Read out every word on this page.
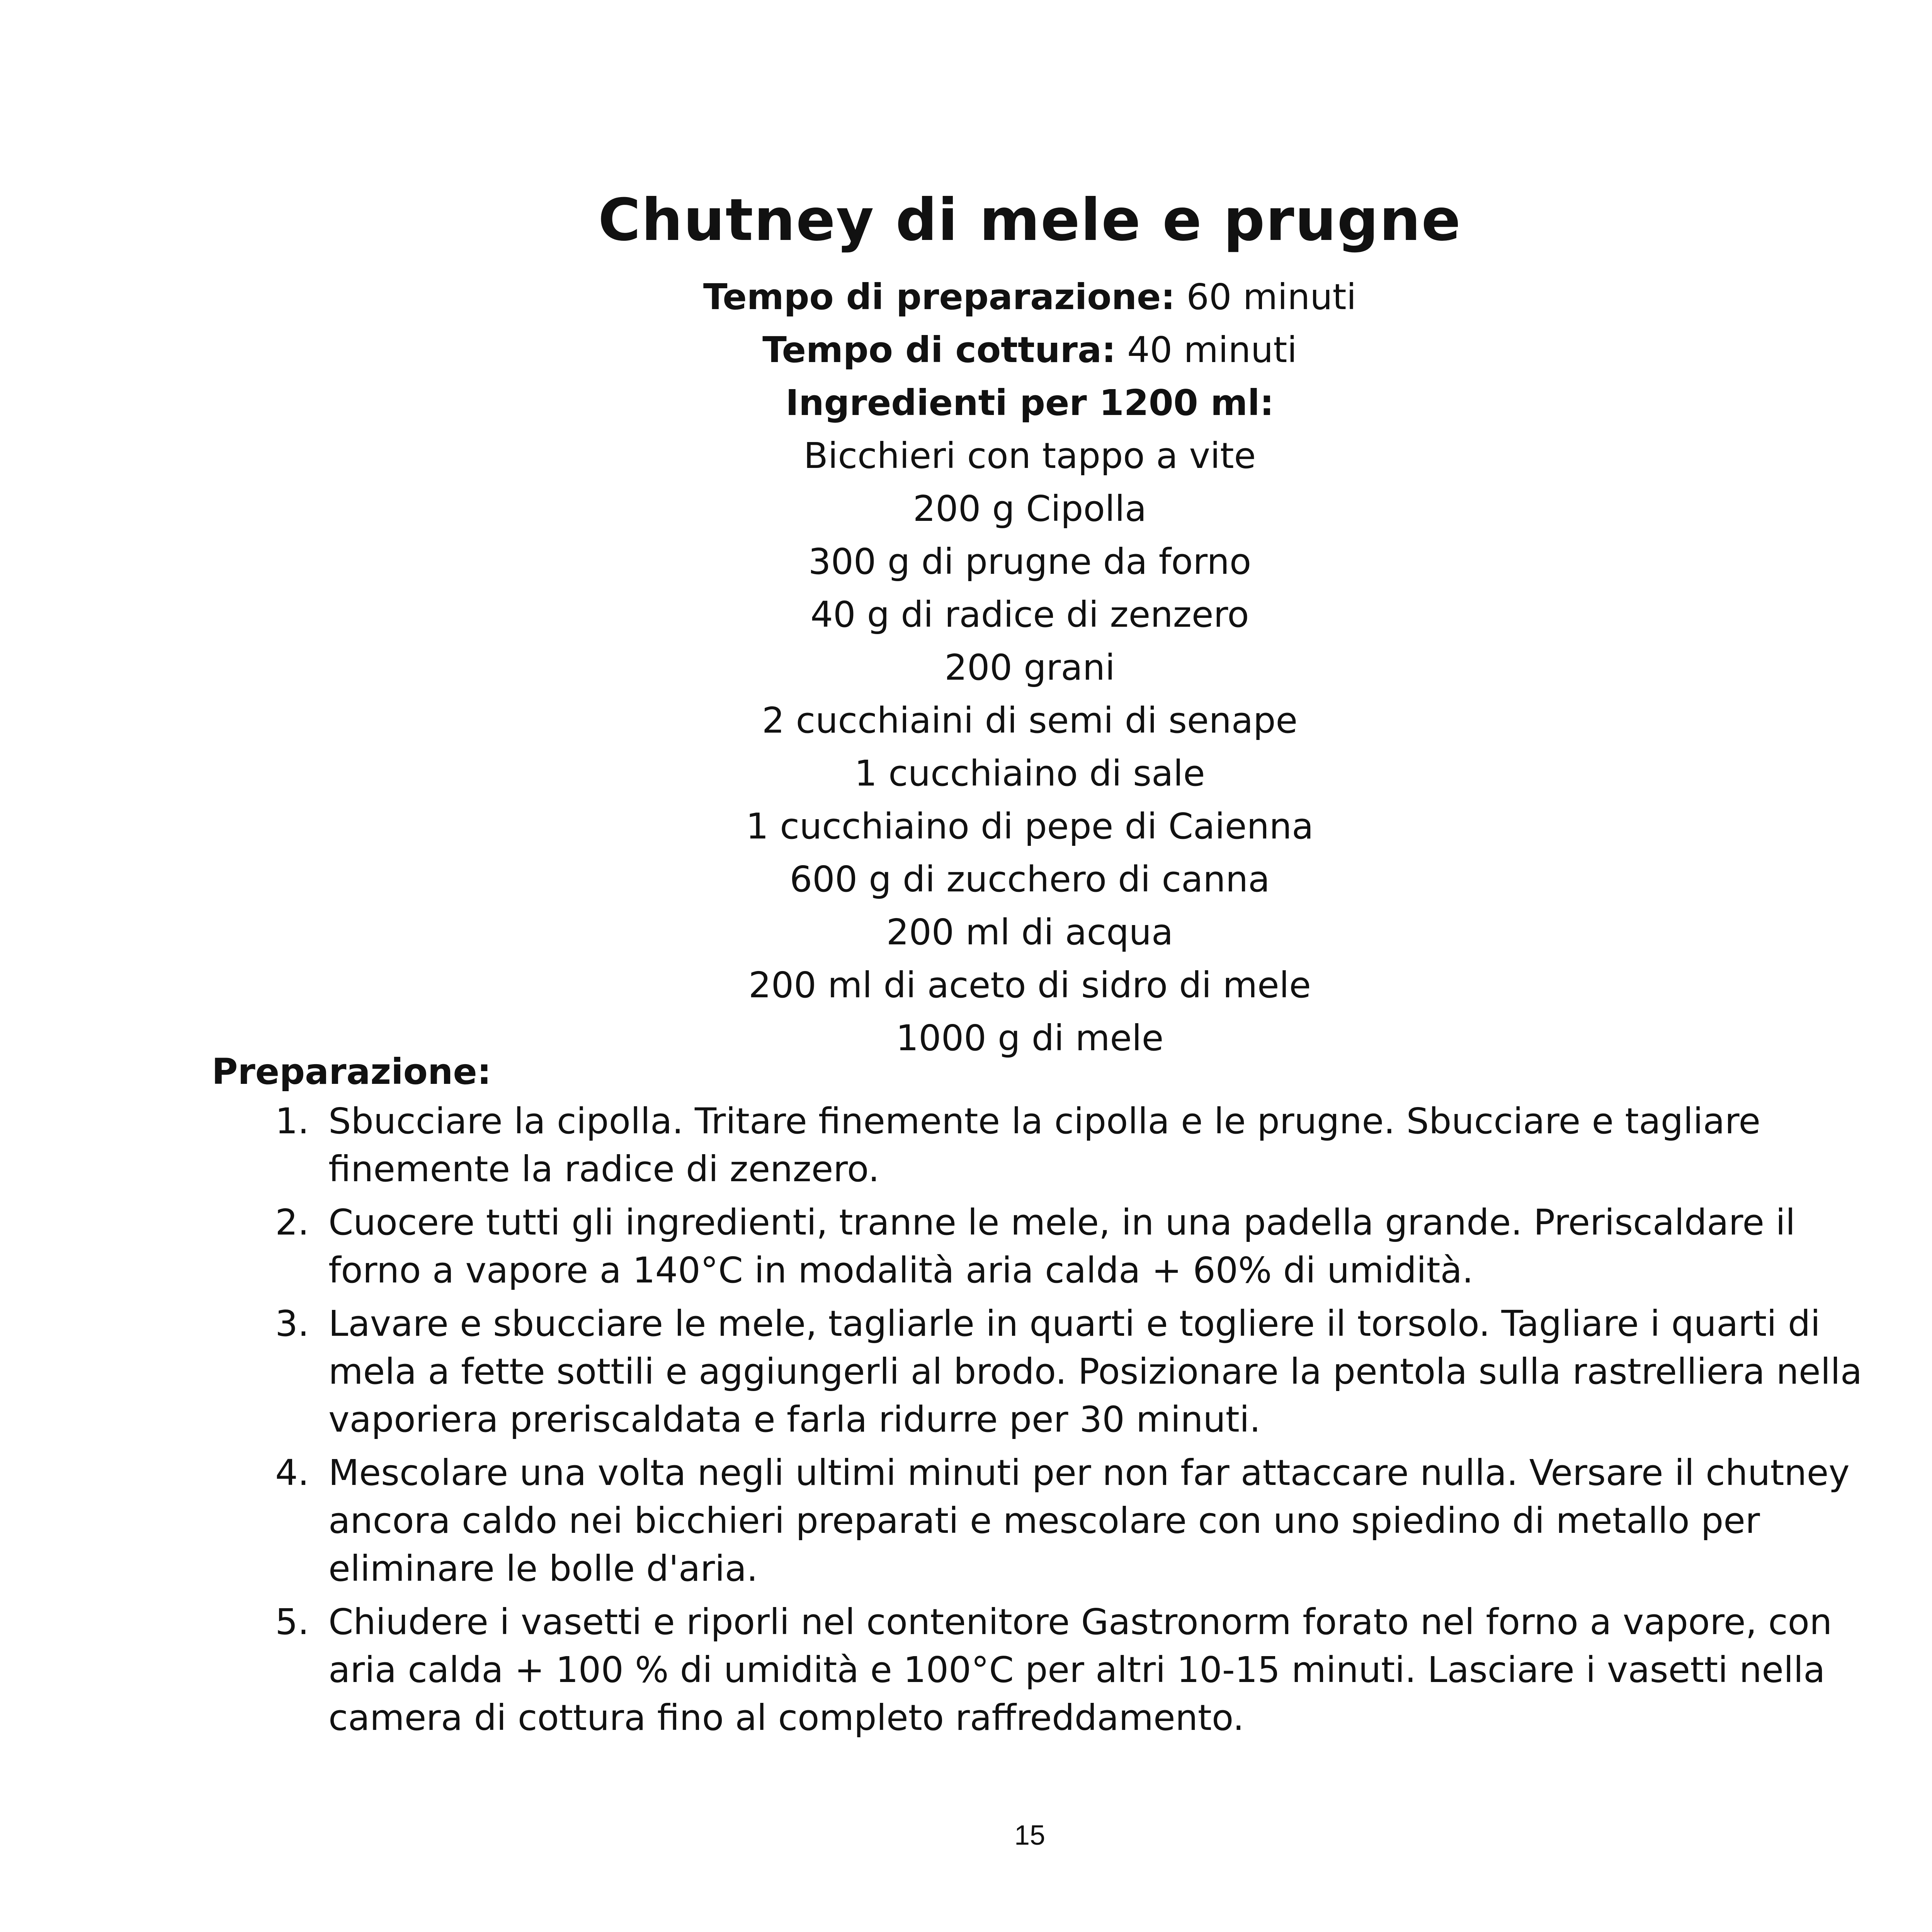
Chutney di mele e prugne
Tempo di preparazione: 60 minuti
Tempo di cottura: 40 minuti
Ingredienti per 1200 ml:
Bicchieri con tappo a vite
200 g Cipolla
300 g di prugne da forno
40 g di radice di zenzero
200 grani
2 cucchiaini di semi di senape
1 cucchiaino di sale
1 cucchiaino di pepe di Caienna
600 g di zucchero di canna
200 ml di acqua
200 ml di aceto di sidro di mele
1000 g di mele
Preparazione:
1. Sbucciare la cipolla. Tritare finemente la cipolla e le prugne. Sbucciare e tagliare finemente la radice di zenzero.
2. Cuocere tutti gli ingredienti, tranne le mele, in una padella grande. Preriscaldare il forno a vapore a 140°C in modalità aria calda + 60% di umidità.
3. Lavare e sbucciare le mele, tagliarle in quarti e togliere il torsolo. Tagliare i quarti di mela a fette sottili e aggiungerli al brodo. Posizionare la pentola sulla rastrelliera nella vaporiera preriscaldata e farla ridurre per 30 minuti.
4. Mescolare una volta negli ultimi minuti per non far attaccare nulla. Versare il chutney ancora caldo nei bicchieri preparati e mescolare con uno spiedino di metallo per eliminare le bolle d'aria.
5. Chiudere i vasetti e riporli nel contenitore Gastronorm forato nel forno a vapore, con aria calda + 100 % di umidità e 100°C per altri 10-15 minuti. Lasciare i vasetti nella camera di cottura fino al completo raffreddamento.
15
